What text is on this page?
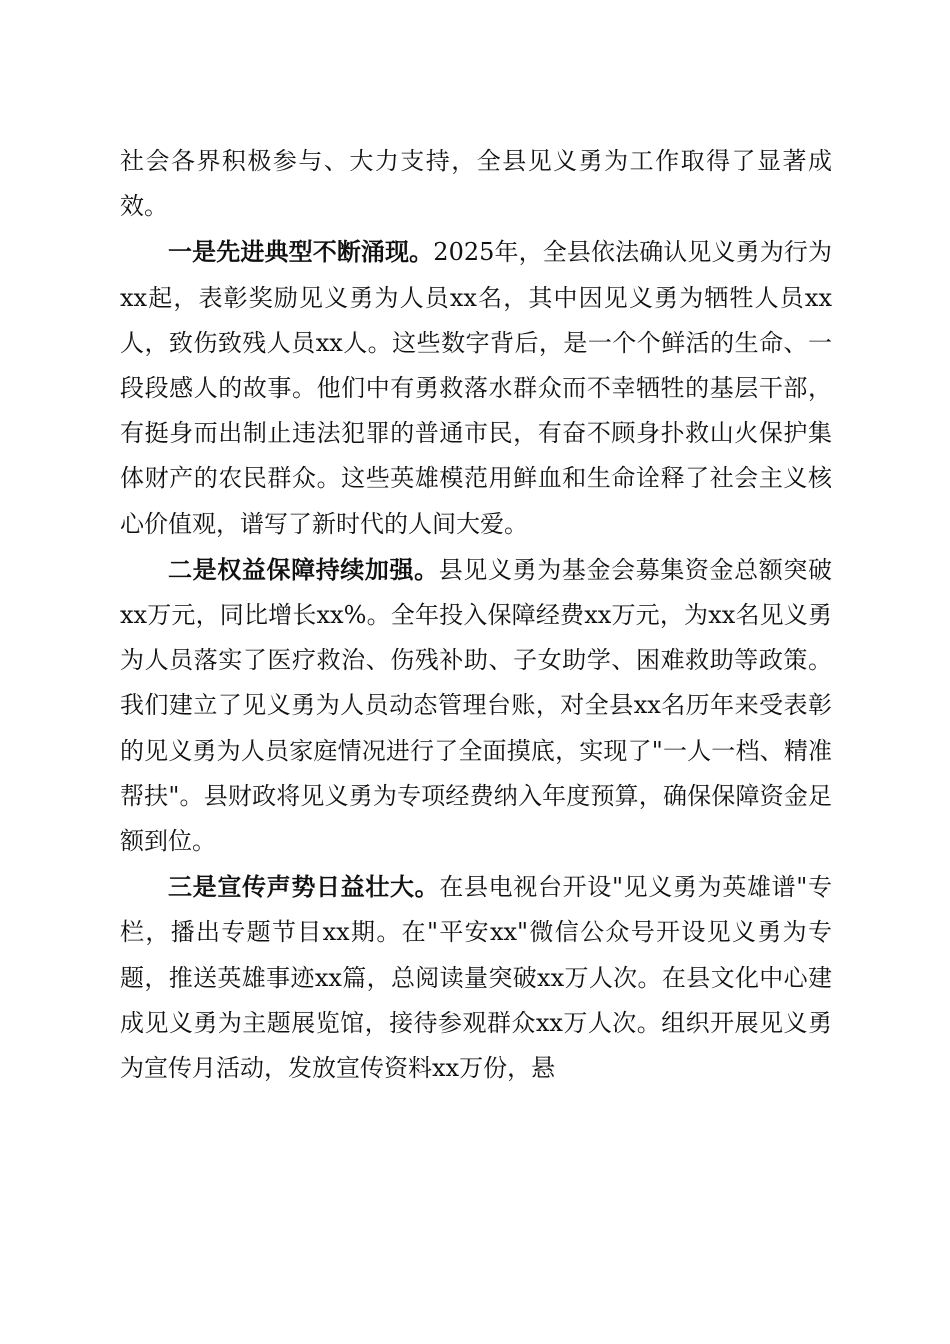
社会各界积极参与、大力支持，全县见义勇为工作取得了显著成效。

一是先进典型不断涌现。2025年，全县依法确认见义勇为行为xx起，表彰奖励见义勇为人员xx名，其中因见义勇为牺牲人员xx人，致伤致残人员xx人。这些数字背后，是一个个鲜活的生命、一段段感人的故事。他们中有勇救落水群众而不幸牺牲的基层干部，有挺身而出制止违法犯罪的普通市民，有奋不顾身扑救山火保护集体财产的农民群众。这些英雄模范用鲜血和生命诠释了社会主义核心价值观，谱写了新时代的人间大爱。

二是权益保障持续加强。县见义勇为基金会募集资金总额突破xx万元，同比增长xx%。全年投入保障经费xx万元，为xx名见义勇为人员落实了医疗救治、伤残补助、子女助学、困难救助等政策。我们建立了见义勇为人员动态管理台账，对全县xx名历年来受表彰的见义勇为人员家庭情况进行了全面摸底，实现了"一人一档、精准帮扶"。县财政将见义勇为专项经费纳入年度预算，确保保障资金足额到位。

三是宣传声势日益壮大。在县电视台开设"见义勇为英雄谱"专栏，播出专题节目xx期。在"平安xx"微信公众号开设见义勇为专题，推送英雄事迹xx篇，总阅读量突破xx万人次。在县文化中心建成见义勇为主题展览馆，接待参观群众xx万人次。组织开展见义勇为宣传月活动，发放宣传资料xx万份，悬
